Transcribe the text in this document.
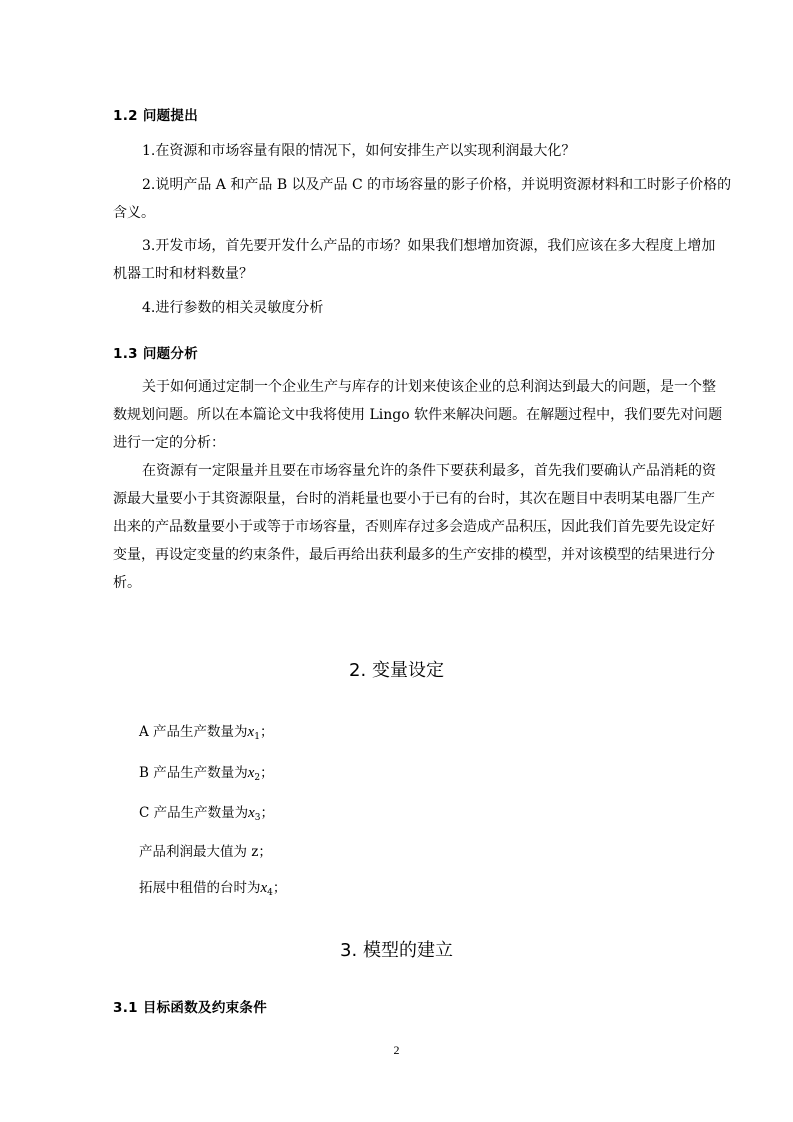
1.2 问题提出
1.在资源和市场容量有限的情况下，如何安排生产以实现利润最大化？
2.说明产品 A 和产品 B 以及产品 C 的市场容量的影子价格，并说明资源材料和工时影子价格的
含义。
3.开发市场，首先要开发什么产品的市场？如果我们想增加资源，我们应该在多大程度上增加
机器工时和材料数量？
4.进行参数的相关灵敏度分析
1.3 问题分析
关于如何通过定制一个企业生产与库存的计划来使该企业的总利润达到最大的问题，是一个整
数规划问题。所以在本篇论文中我将使用 Lingo 软件来解决问题。在解题过程中，我们要先对问题
进行一定的分析：
在资源有一定限量并且要在市场容量允许的条件下要获利最多，首先我们要确认产品消耗的资
源最大量要小于其资源限量，台时的消耗量也要小于已有的台时，其次在题目中表明某电器厂生产
出来的产品数量要小于或等于市场容量，否则库存过多会造成产品积压，因此我们首先要先设定好
变量，再设定变量的约束条件，最后再给出获利最多的生产安排的模型，并对该模型的结果进行分
析。
2. 变量设定
A 产品生产数量为$x_1$；
B 产品生产数量为$x_2$；
C 产品生产数量为$x_3$；
产品利润最大值为 z；
拓展中租借的台时为$x_4$；
3. 模型的建立
3.1 目标函数及约束条件
2
